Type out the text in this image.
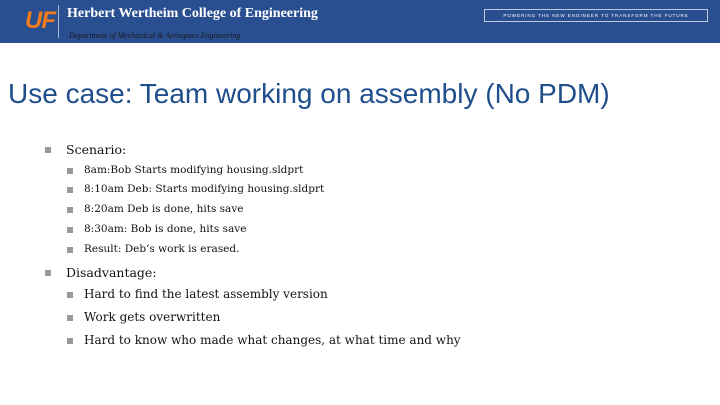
UF Herbert Wertheim College of Engineering	POWERING THE NEW ENGINEER TO TRANSFORM THE FUTURE
Department of Mechanical & Aerospace Engineering
Use case: Team working on assembly (No PDM)
Scenario:
8am:Bob Starts modifying housing.sldprt
8:10am Deb: Starts modifying housing.sldprt
8:20am Deb is done, hits save
8:30am: Bob is done, hits save
Result: Deb’s work is erased.
Disadvantage:
Hard to find the latest assembly version
Work gets overwritten
Hard to know who made what changes, at what time and why
